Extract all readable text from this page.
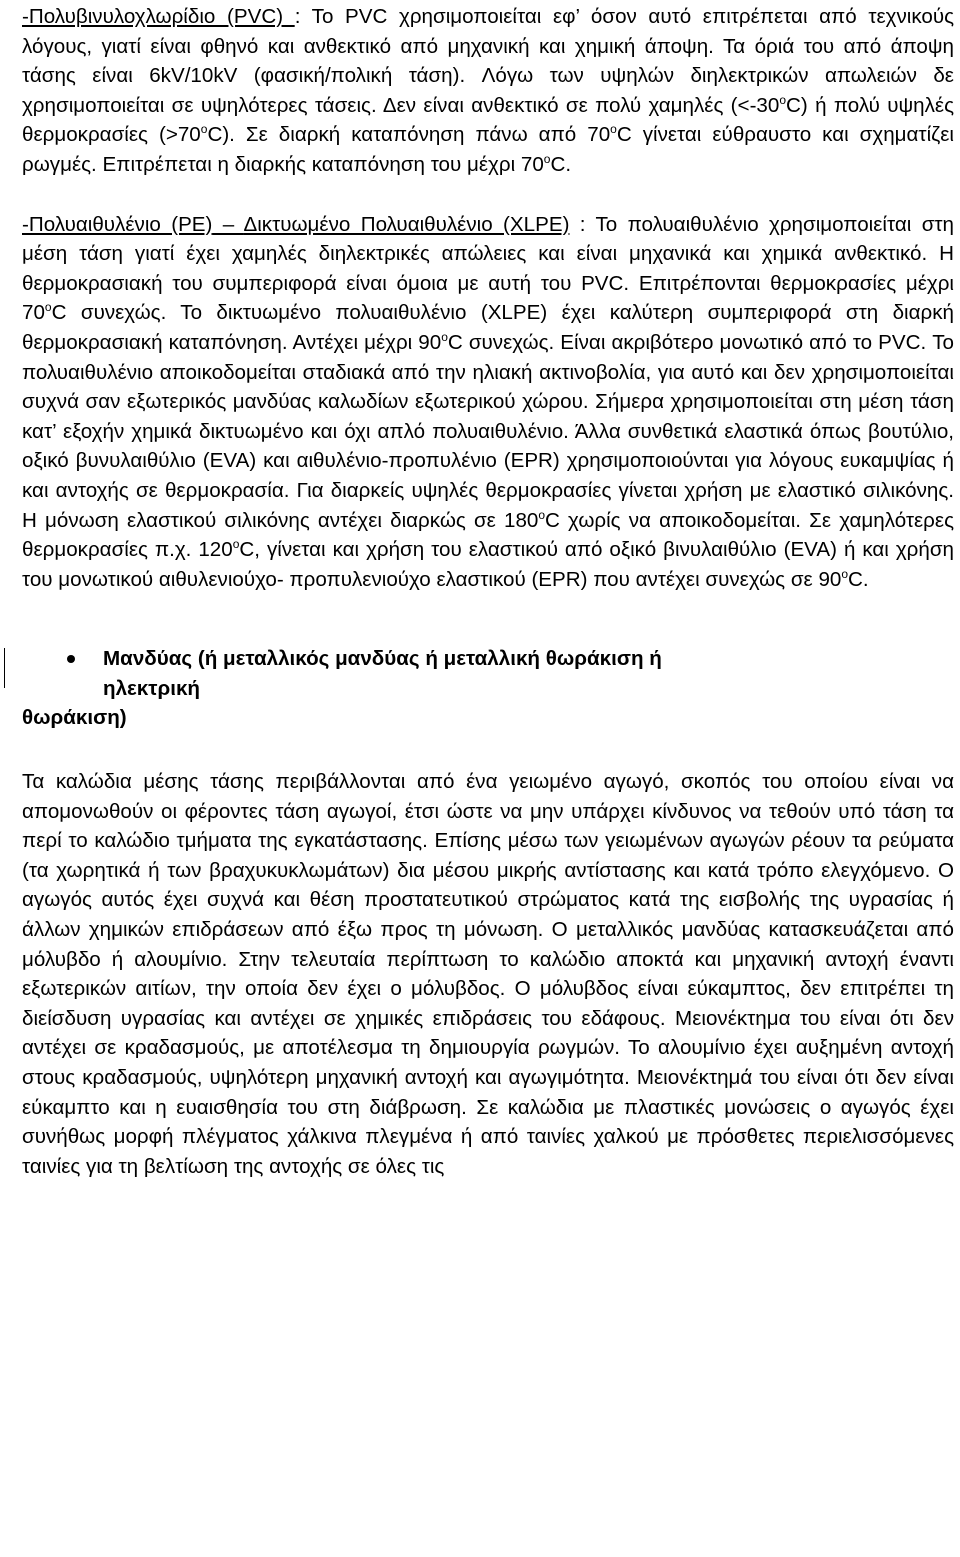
-Πολυβινυλοχλωρίδιο (PVC) : Το PVC χρησιμοποιείται εφ’ όσον αυτό επιτρέπεται από τεχνικούς λόγους, γιατί είναι φθηνό και ανθεκτικό από μηχανική και χημική άποψη. Τα όριά του από άποψη τάσης είναι 6kV/10kV (φασική/πολική τάση). Λόγω των υψηλών διηλεκτρικών απωλειών δε χρησιμοποιείται σε υψηλότερες τάσεις. Δεν είναι ανθεκτικό σε πολύ χαμηλές $(<-30^oC)$ ή πολύ υψηλές θερμοκρασίες $(>70^oC)$. Σε διαρκή καταπόνηση πάνω από 70$^o$C γίνεται εύθραυστο και σχηματίζει ρωγμές. Επιτρέπεται η διαρκής καταπόνηση του μέχρι 70$^o$C.

-Πολυαιθυλένιο (PE) – Δικτυωμένο Πολυαιθυλένιο (XLPE) : Το πολυαιθυλένιο χρησιμοποιείται στη μέση τάση γιατί έχει χαμηλές διηλεκτρικές απώλειες και είναι μηχανικά και χημικά ανθεκτικό. Η θερμοκρασιακή του συμπεριφορά είναι όμοια με αυτή του PVC. Επιτρέπονται θερμοκρασίες μέχρι 70$^o$C συνεχώς. Το δικτυωμένο πολυαιθυλένιο (XLPE) έχει καλύτερη συμπεριφορά στη διαρκή θερμοκρασιακή καταπόνηση. Αντέχει μέχρι 90$^o$C συνεχώς. Είναι ακριβότερο μονωτικό από το PVC. Το πολυαιθυλένιο αποικοδομείται σταδιακά από την ηλιακή ακτινοβολία, για αυτό και δεν χρησιμοποιείται συχνά σαν εξωτερικός μανδύας καλωδίων εξωτερικού χώρου. Σήμερα χρησιμοποιείται στη μέση τάση κατ’ εξοχήν χημικά δικτυωμένο και όχι απλό πολυαιθυλένιο. Άλλα συνθετικά ελαστικά όπως βουτύλιο, οξικό βυνυλαιθύλιο (EVA) και αιθυλένιο-προπυλένιο (EPR) χρησιμοποιούνται για λόγους ευκαμψίας ή και αντοχής σε θερμοκρασία. Για διαρκείς υψηλές θερμοκρασίες γίνεται χρήση με ελαστικό σιλικόνης. Η μόνωση ελαστικού σιλικόνης αντέχει διαρκώς σε 180$^o$C χωρίς να αποικοδομείται. Σε χαμηλότερες θερμοκρασίες π.χ. 120$^o$C, γίνεται και χρήση του ελαστικού από οξικό βινυλαιθύλιο (EVA) ή και χρήση του μονωτικού αιθυλενιούχο- προπυλενιούχο ελαστικού (EPR) που αντέχει συνεχώς σε 90$^o$C.

Μανδύας (ή μεταλλικός μανδύας ή μεταλλική θωράκιση ή
ηλεκτρική
θωράκιση)

Τα καλώδια μέσης τάσης περιβάλλονται από ένα γειωμένο αγωγό, σκοπός του οποίου είναι να απομονωθούν οι φέροντες τάση αγωγοί, έτσι ώστε να μην υπάρχει κίνδυνος να τεθούν υπό τάση τα περί το καλώδιο τμήματα της εγκατάστασης. Επίσης μέσω των γειωμένων αγωγών ρέουν τα ρεύματα (τα χωρητικά ή των βραχυκυκλωμάτων) δια μέσου μικρής αντίστασης και κατά τρόπο ελεγχόμενο. Ο αγωγός αυτός έχει συχνά και θέση προστατευτικού στρώματος κατά της εισβολής της υγρασίας ή άλλων χημικών επιδράσεων από έξω προς τη μόνωση. Ο μεταλλικός μανδύας κατασκευάζεται από μόλυβδο ή αλουμίνιο. Στην τελευταία περίπτωση το καλώδιο αποκτά και μηχανική αντοχή έναντι εξωτερικών αιτίων, την οποία δεν έχει ο μόλυβδος. Ο μόλυβδος είναι εύκαμπτος, δεν επιτρέπει τη διείσδυση υγρασίας και αντέχει σε χημικές επιδράσεις του εδάφους. Μειονέκτημα του είναι ότι δεν αντέχει σε κραδασμούς, με αποτέλεσμα τη δημιουργία ρωγμών. Το αλουμίνιο έχει αυξημένη αντοχή στους κραδασμούς, υψηλότερη μηχανική αντοχή και αγωγιμότητα. Μειονέκτημά του είναι ότι δεν είναι εύκαμπτο και η ευαισθησία του στη διάβρωση. Σε καλώδια με πλαστικές μονώσεις ο αγωγός έχει συνήθως μορφή πλέγματος χάλκινα πλεγμένα ή από ταινίες χαλκού με πρόσθετες περιελισσόμενες ταινίες για τη βελτίωση της αντοχής σε όλες τις
